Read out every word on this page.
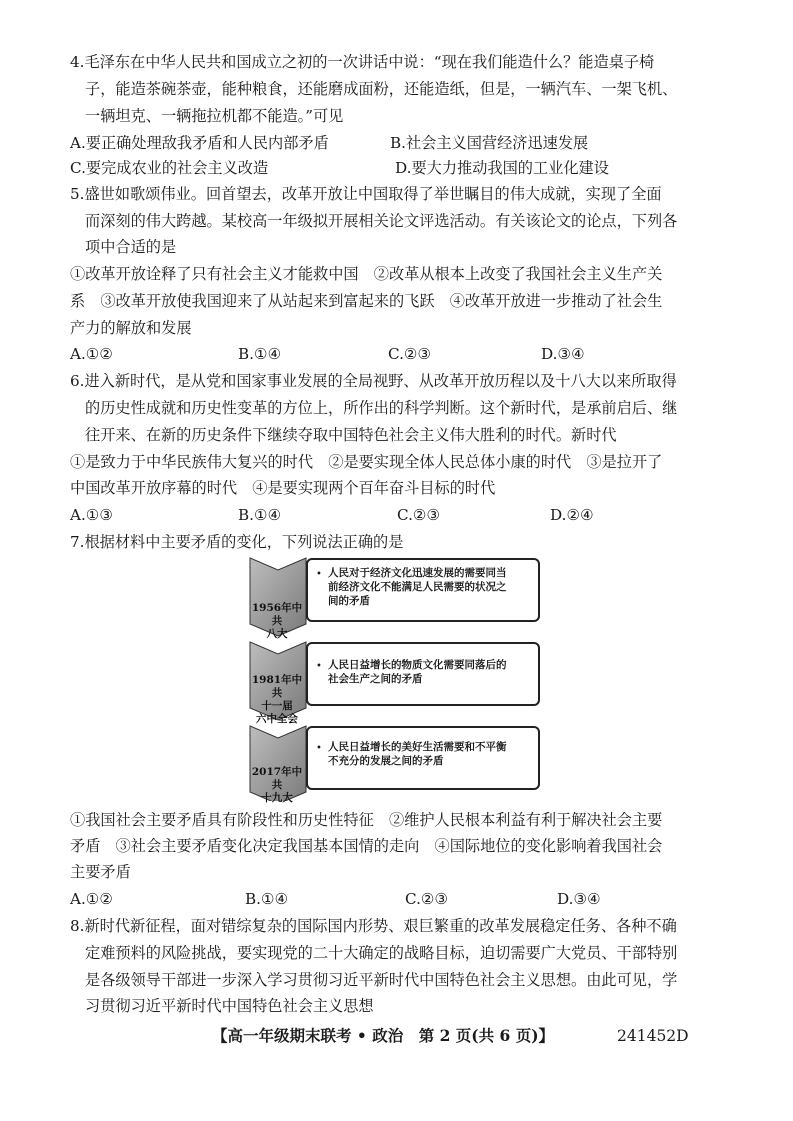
4.毛泽东在中华人民共和国成立之初的一次讲话中说：“现在我们能造什么？能造桌子椅
子，能造茶碗茶壶，能种粮食，还能磨成面粉，还能造纸，但是，一辆汽车、一架飞机、
一辆坦克、一辆拖拉机都不能造。”可见
A.要正确处理敌我矛盾和人民内部矛盾	B.社会主义国营经济迅速发展
C.要完成农业的社会主义改造	D.要大力推动我国的工业化建设
5.盛世如歌颂伟业。回首望去，改革开放让中国取得了举世瞩目的伟大成就，实现了全面
而深刻的伟大跨越。某校高一年级拟开展相关论文评选活动。有关该论文的论点，下列各
项中合适的是
①改革开放诠释了只有社会主义才能救中国　②改革从根本上改变了我国社会主义生产关
系　③改革开放使我国迎来了从站起来到富起来的飞跃　④改革开放进一步推动了社会生
产力的解放和发展
A.①②	B.①④	C.②③	D.③④
6.进入新时代，是从党和国家事业发展的全局视野、从改革开放历程以及十八大以来所取得
的历史性成就和历史性变革的方位上，所作出的科学判断。这个新时代，是承前启后、继
往开来、在新的历史条件下继续夺取中国特色社会主义伟大胜利的时代。新时代
①是致力于中华民族伟大复兴的时代　②是要实现全体人民总体小康的时代　③是拉开了
中国改革开放序幕的时代　④是要实现两个百年奋斗目标的时代
A.①③	B.①④	C.②③	D.②④
7.根据材料中主要矛盾的变化，下列说法正确的是
1956年中共
八大
1981年中共
十一届
六中全会
2017年中共
十九大
• 人民对于经济文化迅速发展的需要同当
前经济文化不能满足人民需要的状况之
间的矛盾
• 人民日益增长的物质文化需要同落后的
社会生产之间的矛盾
• 人民日益增长的美好生活需要和不平衡
不充分的发展之间的矛盾
①我国社会主要矛盾具有阶段性和历史性特征　②维护人民根本利益有利于解决社会主要
矛盾　③社会主要矛盾变化决定我国基本国情的走向　④国际地位的变化影响着我国社会
主要矛盾
A.①②	B.①④	C.②③	D.③④
8.新时代新征程，面对错综复杂的国际国内形势、艰巨繁重的改革发展稳定任务、各种不确
定难预料的风险挑战，要实现党的二十大确定的战略目标，迫切需要广大党员、干部特别
是各级领导干部进一步深入学习贯彻习近平新时代中国特色社会主义思想。由此可见，学
习贯彻习近平新时代中国特色社会主义思想
【高一年级期末联考 • 政治　第 2 页(共 6 页)】	241452D
